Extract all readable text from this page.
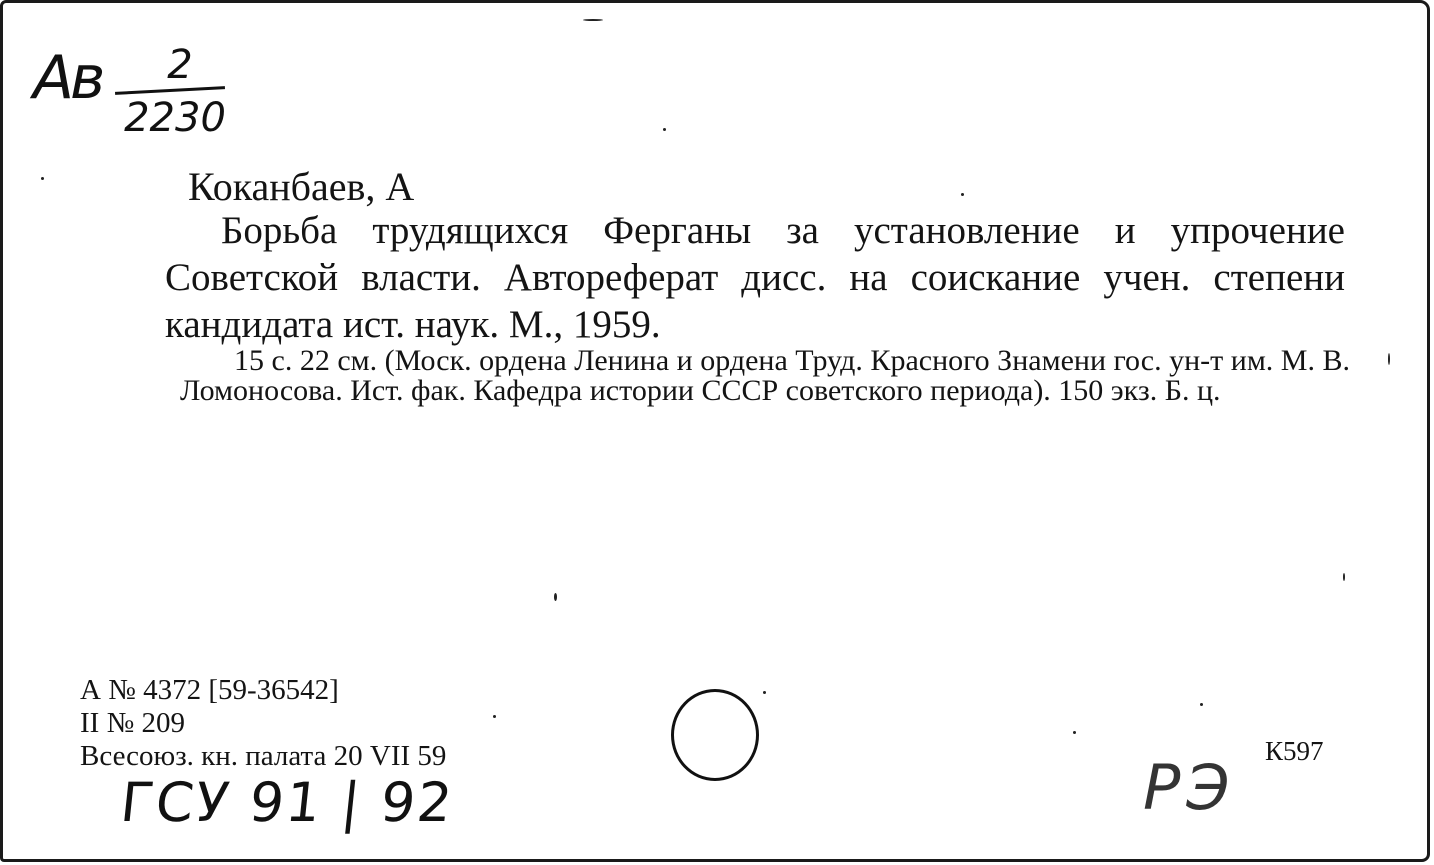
Ав	2
2230
Коканбаев, А
Борьба трудящихся Ферганы за установление и упрочение Советской власти. Автореферат дисс. на соискание учен. степени кандидата ист. наук. М., 1959.
15 с. 22 см. (Моск. ордена Ленина и ордена Труд. Красного Знамени гос. ун-т им. М. В. Ломоносова. Ист. фак. Кафедра истории СССР советского периода). 150 экз. Б. ц.
А № 4372 [59-36542]
II № 209
Всесоюз. кн. палата 20 VII 59	К597
ГСУ 91 | 92	РЭ
